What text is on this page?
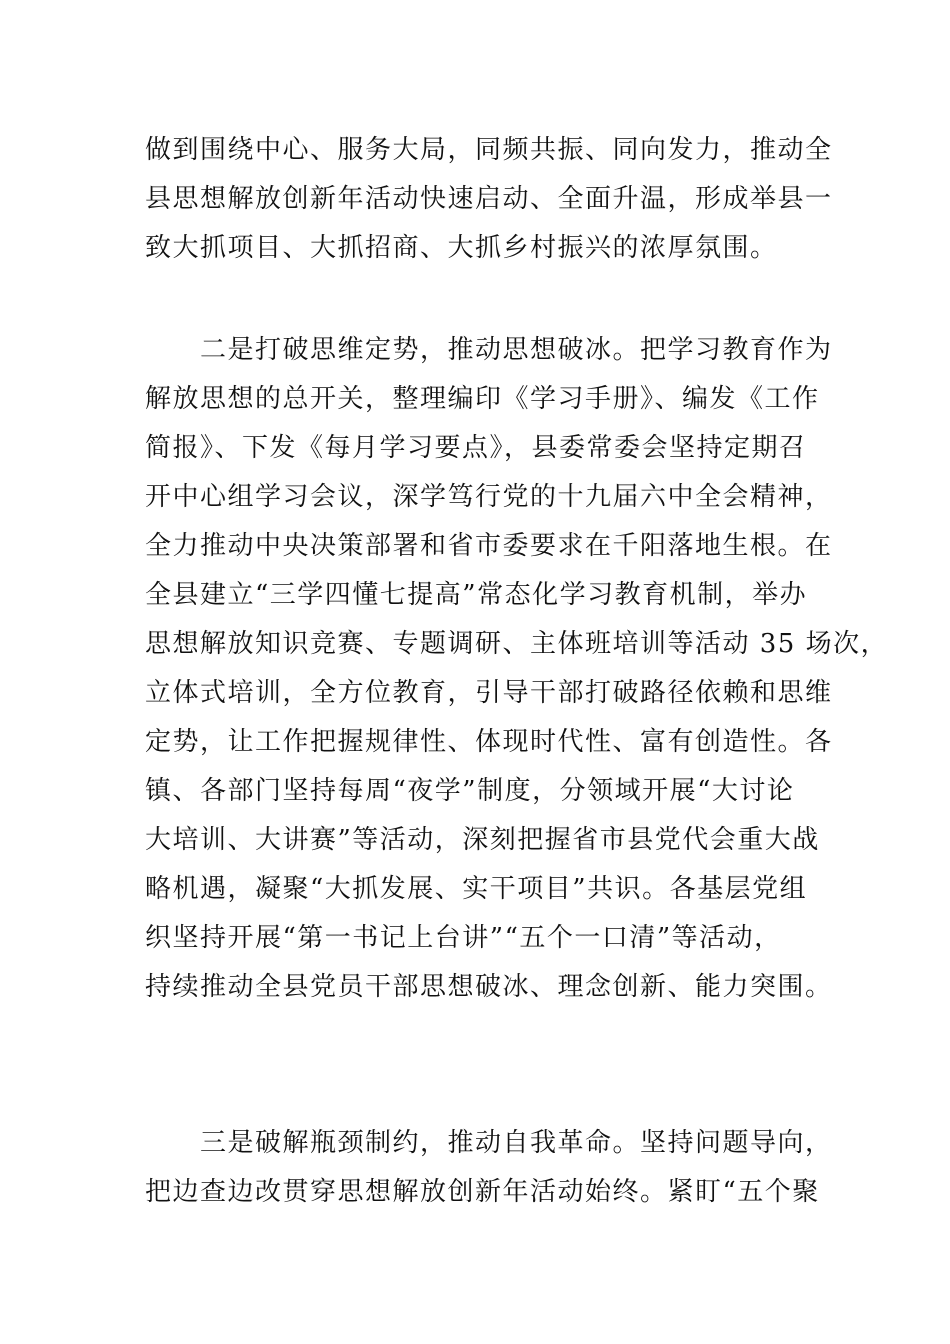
做到围绕中心、服务大局，同频共振、同向发力，推动全
县思想解放创新年活动快速启动、全面升温，形成举县一
致大抓项目、大抓招商、大抓乡村振兴的浓厚氛围。
二是打破思维定势，推动思想破冰。把学习教育作为
解放思想的总开关，整理编印《学习手册》、编发《工作
简报》、下发《每月学习要点》，县委常委会坚持定期召
开中心组学习会议，深学笃行党的十九届六中全会精神，
全力推动中央决策部署和省市委要求在千阳落地生根。在
全县建立“三学四懂七提高”常态化学习教育机制，举办
思想解放知识竞赛、专题调研、主体班培训等活动 35 场次，
立体式培训，全方位教育，引导干部打破路径依赖和思维
定势，让工作把握规律性、体现时代性、富有创造性。各
镇、各部门坚持每周“夜学”制度，分领域开展“大讨论
大培训、大讲赛”等活动，深刻把握省市县党代会重大战
略机遇，凝聚“大抓发展、实干项目”共识。各基层党组
织坚持开展“第一书记上台讲”“五个一口清”等活动，
持续推动全县党员干部思想破冰、理念创新、能力突围。
三是破解瓶颈制约，推动自我革命。坚持问题导向，
把边查边改贯穿思想解放创新年活动始终。紧盯“五个聚
